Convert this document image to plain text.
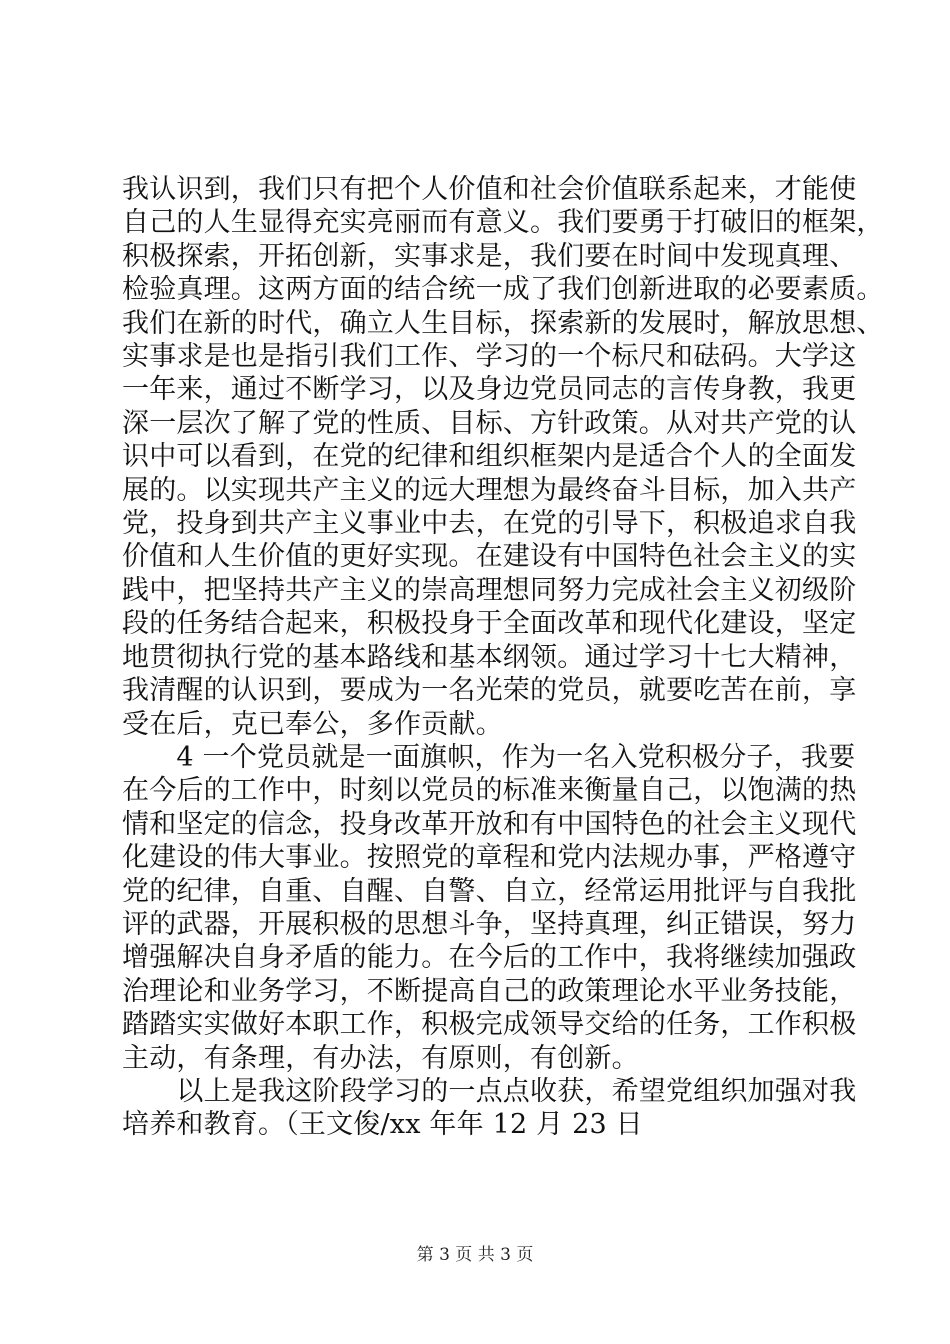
我认识到，我们只有把个人价值和社会价值联系起来，才能使

自己的人生显得充实亮丽而有意义。我们要勇于打破旧的框架，

积极探索，开拓创新，实事求是，我们要在时间中发现真理、

检验真理。这两方面的结合统一成了我们创新进取的必要素质。

我们在新的时代，确立人生目标，探索新的发展时，解放思想、

实事求是也是指引我们工作、学习的一个标尺和砝码。大学这

一年来，通过不断学习，以及身边党员同志的言传身教，我更

深一层次了解了党的性质、目标、方针政策。从对共产党的认

识中可以看到，在党的纪律和组织框架内是适合个人的全面发

展的。以实现共产主义的远大理想为最终奋斗目标，加入共产

党，投身到共产主义事业中去，在党的引导下，积极追求自我

价值和人生价值的更好实现。在建设有中国特色社会主义的实

践中，把坚持共产主义的崇高理想同努力完成社会主义初级阶

段的任务结合起来，积极投身于全面改革和现代化建设，坚定

地贯彻执行党的基本路线和基本纲领。通过学习十七大精神，

我清醒的认识到，要成为一名光荣的党员，就要吃苦在前，享

受在后，克已奉公，多作贡献。

　　4 一个党员就是一面旗帜，作为一名入党积极分子，我要

在今后的工作中，时刻以党员的标准来衡量自己，以饱满的热

情和坚定的信念，投身改革开放和有中国特色的社会主义现代

化建设的伟大事业。按照党的章程和党内法规办事，严格遵守

党的纪律，自重、自醒、自警、自立，经常运用批评与自我批

评的武器，开展积极的思想斗争，坚持真理，纠正错误，努力

增强解决自身矛盾的能力。在今后的工作中，我将继续加强政

治理论和业务学习，不断提高自己的政策理论水平业务技能，

踏踏实实做好本职工作，积极完成领导交给的任务，工作积极

主动，有条理，有办法，有原则，有创新。

　　以上是我这阶段学习的一点点收获，希望党组织加强对我

培养和教育。（王文俊/xx 年年 12 月 23 日

第 3 页 共 3 页
